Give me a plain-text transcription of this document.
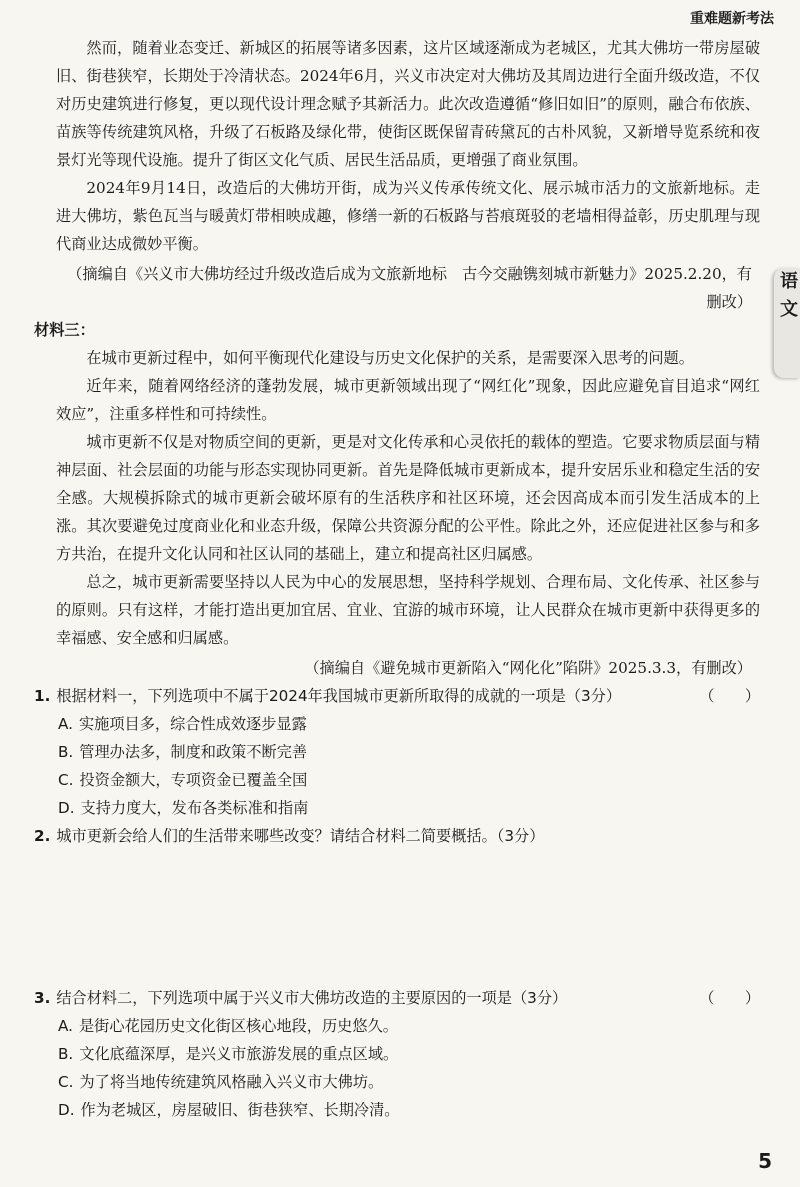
重难题新考法
语
文

然而，随着业态变迁、新城区的拓展等诸多因素，这片区域逐渐成为老城区，尤其大佛坊一带房屋破旧、街巷狭窄，长期处于冷清状态。2024年6月，兴义市决定对大佛坊及其周边进行全面升级改造，不仅对历史建筑进行修复，更以现代设计理念赋予其新活力。此次改造遵循“修旧如旧”的原则，融合布依族、苗族等传统建筑风格，升级了石板路及绿化带，使街区既保留青砖黛瓦的古朴风貌，又新增导览系统和夜景灯光等现代设施。提升了街区文化气质、居民生活品质，更增强了商业氛围。

2024年9月14日，改造后的大佛坊开街，成为兴义传承传统文化、展示城市活力的文旅新地标。走进大佛坊，紫色瓦当与暖黄灯带相映成趣，修缮一新的石板路与苔痕斑驳的老墙相得益彰，历史肌理与现代商业达成微妙平衡。

（摘编自《兴义市大佛坊经过升级改造后成为文旅新地标　古今交融镌刻城市新魅力》2025.2.20，有删改）

材料三：

在城市更新过程中，如何平衡现代化建设与历史文化保护的关系，是需要深入思考的问题。

近年来，随着网络经济的蓬勃发展，城市更新领域出现了“网红化”现象，因此应避免盲目追求“网红效应”，注重多样性和可持续性。

城市更新不仅是对物质空间的更新，更是对文化传承和心灵依托的载体的塑造。它要求物质层面与精神层面、社会层面的功能与形态实现协同更新。首先是降低城市更新成本，提升安居乐业和稳定生活的安全感。大规模拆除式的城市更新会破坏原有的生活秩序和社区环境，还会因高成本而引发生活成本的上涨。其次要避免过度商业化和业态升级，保障公共资源分配的公平性。除此之外，还应促进社区参与和多方共治，在提升文化认同和社区认同的基础上，建立和提高社区归属感。

总之，城市更新需要坚持以人民为中心的发展思想，坚持科学规划、合理布局、文化传承、社区参与的原则。只有这样，才能打造出更加宜居、宜业、宜游的城市环境，让人民群众在城市更新中获得更多的幸福感、安全感和归属感。

（摘编自《避免城市更新陷入“网化化”陷阱》2025.3.3，有删改）
1. 根据材料一，下列选项中不属于2024年我国城市更新所取得的成就的一项是（3分）	（　　）
A. 实施项目多，综合性成效逐步显露
B. 管理办法多，制度和政策不断完善
C. 投资金额大，专项资金已覆盖全国
D. 支持力度大，发布各类标准和指南
2. 城市更新会给人们的生活带来哪些改变？请结合材料二简要概括。（3分）
3. 结合材料二，下列选项中属于兴义市大佛坊改造的主要原因的一项是（3分）	（　　）
A. 是街心花园历史文化街区核心地段，历史悠久。
B. 文化底蕴深厚，是兴义市旅游发展的重点区域。
C. 为了将当地传统建筑风格融入兴义市大佛坊。
D. 作为老城区，房屋破旧、街巷狭窄、长期冷清。
5
